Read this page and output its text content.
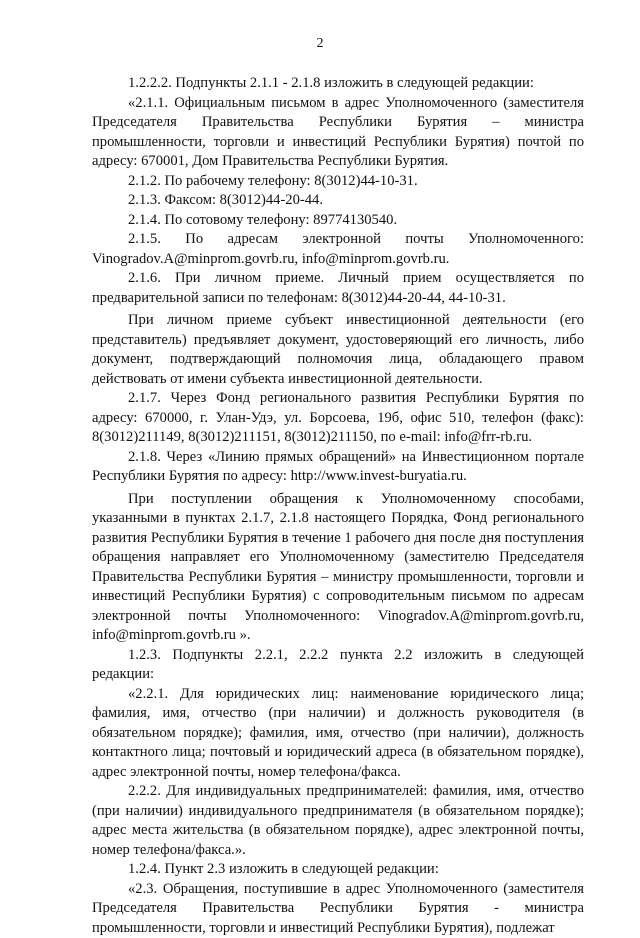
2

1.2.2.2. Подпункты 2.1.1 - 2.1.8 изложить в следующей редакции:

«2.1.1. Официальным письмом в адрес Уполномоченного (заместителя Председателя Правительства Республики Бурятия – министра промышленности, торговли и инвестиций Республики Бурятия) почтой по адресу: 670001, Дом Правительства Республики Бурятия.

2.1.2. По рабочему телефону: 8(3012)44-10-31.

2.1.3. Факсом: 8(3012)44-20-44.

2.1.4. По сотовому телефону: 89774130540.

2.1.5. По адресам электронной почты Уполномоченного: Vinogradov.A@minprom.govrb.ru, info@minprom.govrb.ru.

2.1.6. При личном приеме. Личный прием осуществляется по предварительной записи по телефонам: 8(3012)44-20-44, 44-10-31.

При личном приеме субъект инвестиционной деятельности (его представитель) предъявляет документ, удостоверяющий его личность, либо документ, подтверждающий полномочия лица, обладающего правом действовать от имени субъекта инвестиционной деятельности.

2.1.7. Через Фонд регионального развития Республики Бурятия по адресу: 670000, г. Улан-Удэ, ул. Борсоева, 19б, офис 510, телефон (факс): 8(3012)211149, 8(3012)211151, 8(3012)211150, по e-mail: info@frr-rb.ru.

2.1.8. Через «Линию прямых обращений» на Инвестиционном портале Республики Бурятия по адресу: http://www.invest-buryatia.ru.

При поступлении обращения к Уполномоченному способами, указанными в пунктах 2.1.7, 2.1.8 настоящего Порядка, Фонд регионального развития Республики Бурятия в течение 1 рабочего дня после дня поступления обращения направляет его Уполномоченному (заместителю Председателя Правительства Республики Бурятия – министру промышленности, торговли и инвестиций Республики Бурятия) с сопроводительным письмом по адресам электронной почты Уполномоченного: Vinogradov.A@minprom.govrb.ru, info@minprom.govrb.ru ».

1.2.3. Подпункты 2.2.1, 2.2.2 пункта 2.2 изложить в следующей редакции:

«2.2.1. Для юридических лиц: наименование юридического лица; фамилия, имя, отчество (при наличии) и должность руководителя (в обязательном порядке); фамилия, имя, отчество (при наличии), должность контактного лица; почтовый и юридический адреса (в обязательном порядке), адрес электронной почты, номер телефона/факса.

2.2.2. Для индивидуальных предпринимателей: фамилия, имя, отчество (при наличии) индивидуального предпринимателя (в обязательном порядке); адрес места жительства (в обязательном порядке), адрес электронной почты, номер телефона/факса.».

1.2.4. Пункт 2.3 изложить в следующей редакции:

«2.3. Обращения, поступившие в адрес Уполномоченного (заместителя Председателя Правительства Республики Бурятия - министра промышленности, торговли и инвестиций Республики Бурятия), подлежат
